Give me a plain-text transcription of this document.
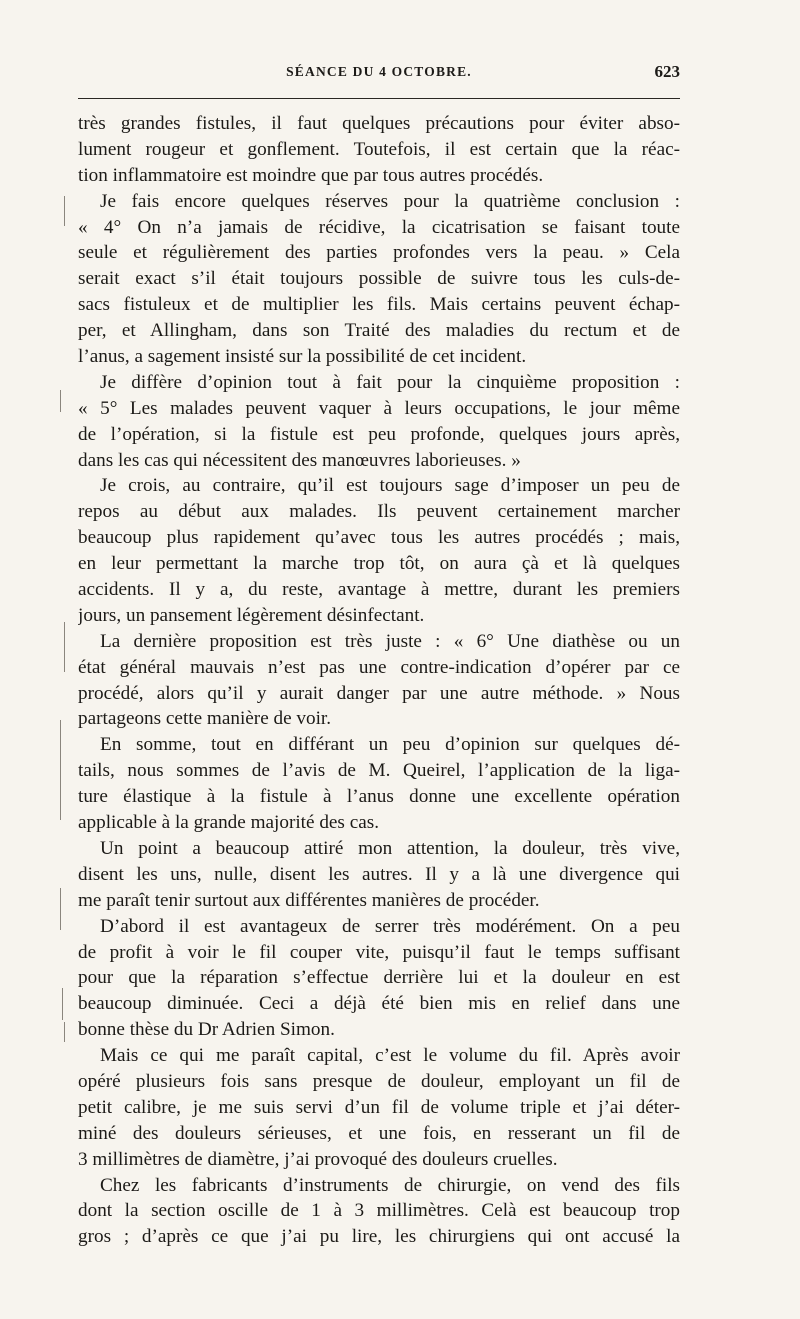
SÉANCE DU 4 OCTOBRE.	623
très grandes fistules, il faut quelques précautions pour éviter abso-
lument rougeur et gonflement. Toutefois, il est certain que la réac-
tion inflammatoire est moindre que par tous autres procédés.
Je fais encore quelques réserves pour la quatrième conclusion :
« 4° On n’a jamais de récidive, la cicatrisation se faisant toute
seule et régulièrement des parties profondes vers la peau. » Cela
serait exact s’il était toujours possible de suivre tous les culs-de-
sacs fistuleux et de multiplier les fils. Mais certains peuvent échap-
per, et Allingham, dans son Traité des maladies du rectum et de
l’anus, a sagement insisté sur la possibilité de cet incident.
Je diffère d’opinion tout à fait pour la cinquième proposition :
« 5° Les malades peuvent vaquer à leurs occupations, le jour même
de l’opération, si la fistule est peu profonde, quelques jours après,
dans les cas qui nécessitent des manœuvres laborieuses. »
Je crois, au contraire, qu’il est toujours sage d’imposer un peu de
repos au début aux malades. Ils peuvent certainement marcher
beaucoup plus rapidement qu’avec tous les autres procédés ; mais,
en leur permettant la marche trop tôt, on aura çà et là quelques
accidents. Il y a, du reste, avantage à mettre, durant les premiers
jours, un pansement légèrement désinfectant.
La dernière proposition est très juste : « 6° Une diathèse ou un
état général mauvais n’est pas une contre-indication d’opérer par ce
procédé, alors qu’il y aurait danger par une autre méthode. » Nous
partageons cette manière de voir.
En somme, tout en différant un peu d’opinion sur quelques dé-
tails, nous sommes de l’avis de M. Queirel, l’application de la liga-
ture élastique à la fistule à l’anus donne une excellente opération
applicable à la grande majorité des cas.
Un point a beaucoup attiré mon attention, la douleur, très vive,
disent les uns, nulle, disent les autres. Il y a là une divergence qui
me paraît tenir surtout aux différentes manières de procéder.
D’abord il est avantageux de serrer très modérément. On a peu
de profit à voir le fil couper vite, puisqu’il faut le temps suffisant
pour que la réparation s’effectue derrière lui et la douleur en est
beaucoup diminuée. Ceci a déjà été bien mis en relief dans une
bonne thèse du Dr Adrien Simon.
Mais ce qui me paraît capital, c’est le volume du fil. Après avoir
opéré plusieurs fois sans presque de douleur, employant un fil de
petit calibre, je me suis servi d’un fil de volume triple et j’ai déter-
miné des douleurs sérieuses, et une fois, en resserant un fil de
3 millimètres de diamètre, j’ai provoqué des douleurs cruelles.
Chez les fabricants d’instruments de chirurgie, on vend des fils
dont la section oscille de 1 à 3 millimètres. Celà est beaucoup trop
gros ; d’après ce que j’ai pu lire, les chirurgiens qui ont accusé la
